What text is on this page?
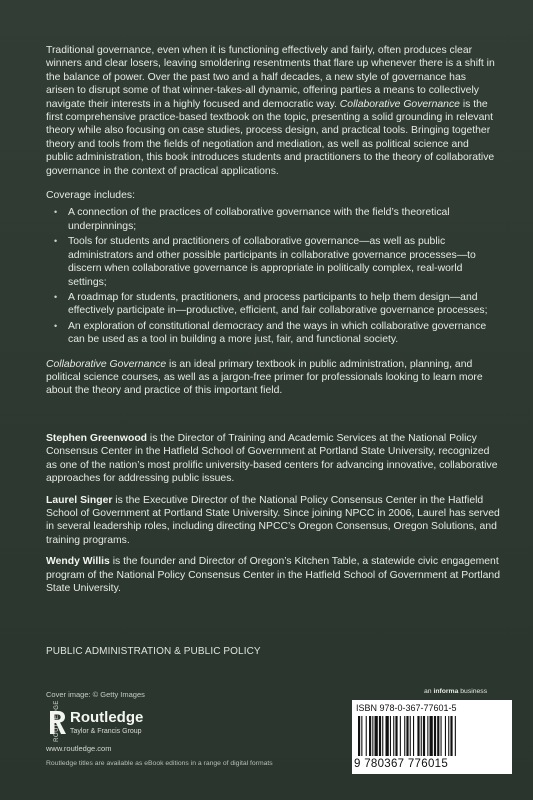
Traditional governance, even when it is functioning effectively and fairly, often produces clear winners and clear losers, leaving smoldering resentments that flare up whenever there is a shift in the balance of power. Over the past two and a half decades, a new style of governance has arisen to disrupt some of that winner-takes-all dynamic, offering parties a means to collectively navigate their interests in a highly focused and democratic way. Collaborative Governance is the first comprehensive practice-based textbook on the topic, presenting a solid grounding in relevant theory while also focusing on case studies, process design, and practical tools. Bringing together theory and tools from the fields of negotiation and mediation, as well as political science and public administration, this book introduces students and practitioners to the theory of collaborative governance in the context of practical applications.

Coverage includes:

• A connection of the practices of collaborative governance with the field’s theoretical underpinnings;
• Tools for students and practitioners of collaborative governance—as well as public administrators and other possible participants in collaborative governance processes—to discern when collaborative governance is appropriate in politically complex, real-world settings;
• A roadmap for students, practitioners, and process participants to help them design—and effectively participate in—productive, efficient, and fair collaborative governance processes;
• An exploration of constitutional democracy and the ways in which collaborative governance can be used as a tool in building a more just, fair, and functional society.

Collaborative Governance is an ideal primary textbook in public administration, planning, and political science courses, as well as a jargon-free primer for professionals looking to learn more about the theory and practice of this important field.

Stephen Greenwood is the Director of Training and Academic Services at the National Policy Consensus Center in the Hatfield School of Government at Portland State University, recognized as one of the nation’s most prolific university-based centers for advancing innovative, collaborative approaches for addressing public issues.

Laurel Singer is the Executive Director of the National Policy Consensus Center in the Hatfield School of Government at Portland State University. Since joining NPCC in 2006, Laurel has served in several leadership roles, including directing NPCC’s Oregon Consensus, Oregon Solutions, and training programs.

Wendy Willis is the founder and Director of Oregon’s Kitchen Table, a statewide civic engagement program of the National Policy Consensus Center in the Hatfield School of Government at Portland State University.

PUBLIC ADMINISTRATION & PUBLIC POLICY
Cover image: © Getty Images
Routledge
Taylor & Francis Group
www.routledge.com
Routledge titles are available as eBook editions in a range of digital formats
an informa business
ISBN 978-0-367-77601-5
9 780367 776015
